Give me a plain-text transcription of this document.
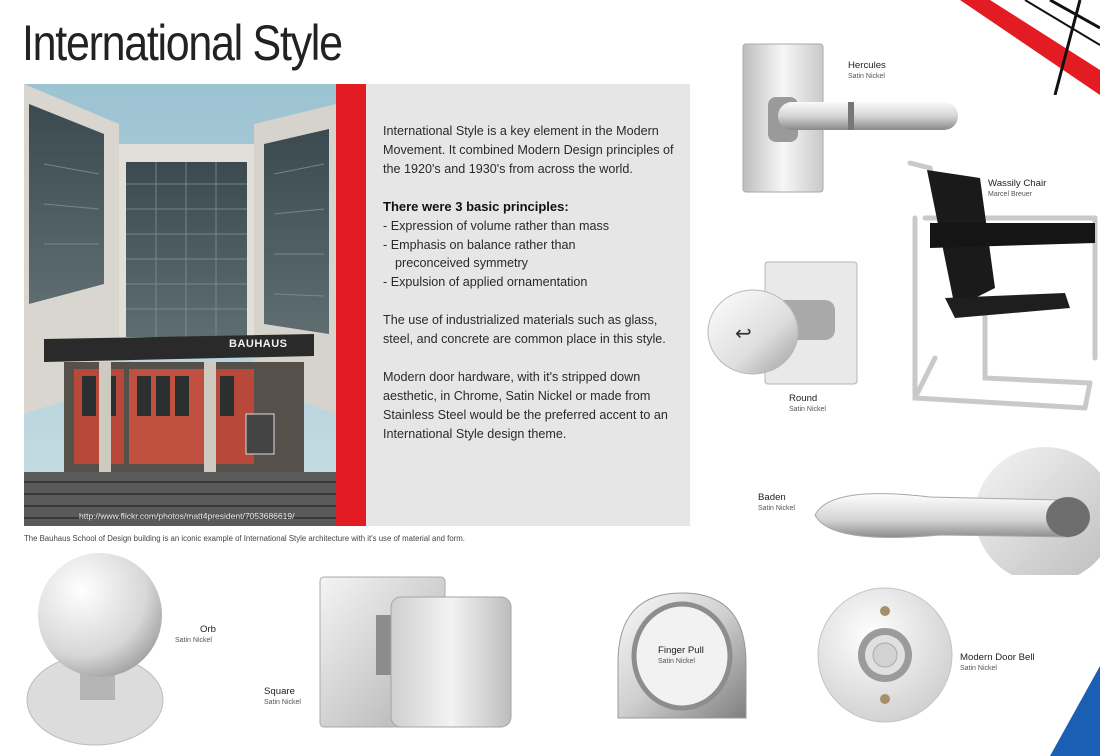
International Style
BAUHAUS
http://www.flickr.com/photos/matt4president/7053686619/

International Style is a key element in the Modern Movement. It combined Modern Design principles of the 1920's and 1930's from across the world.

There were 3 basic principles:
- Expression of volume rather than mass
- Emphasis on balance rather than
preconceived symmetry
- Expulsion of applied ornamentation

The use of industrialized materials such as glass, steel, and concrete are common place in this style.

Modern door hardware, with it's stripped down aesthetic, in Chrome, Satin Nickel or made from Stainless Steel would be the preferred accent to an International Style design theme.

The Bauhaus School of Design building is an iconic example of International Style architecture with it's use of material and form.
Hercules
Satin Nickel
Wassily Chair
Marcel Breuer
↩
Round
Satin Nickel
Baden
Satin Nickel
Orb
Satin Nickel
Square
Satin Nickel
Finger Pull
Satin Nickel	Modern Door Bell
Satin Nickel
